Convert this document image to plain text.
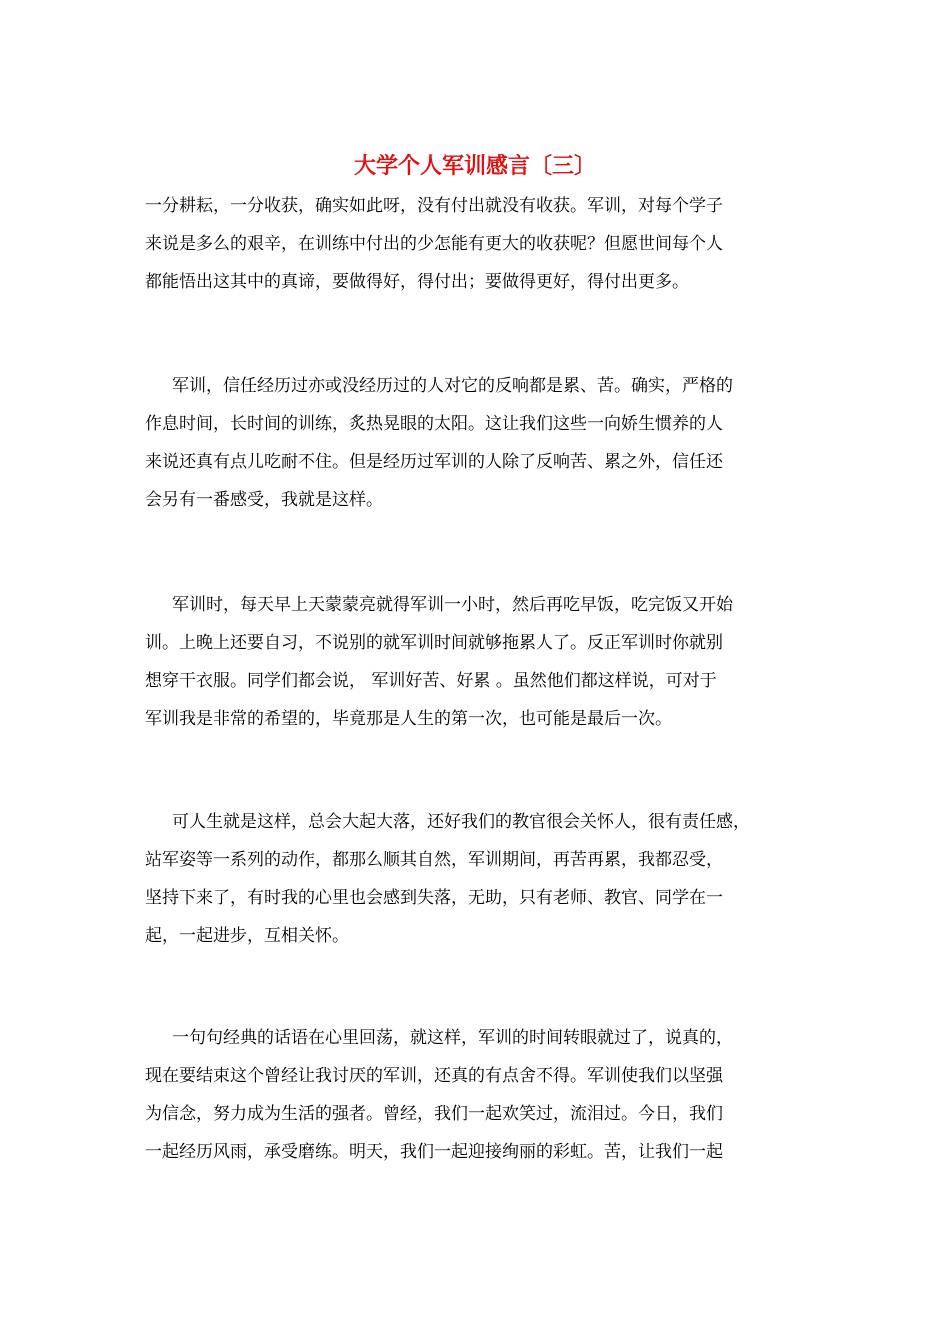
大学个人军训感言〔三〕

一分耕耘，一分收获，确实如此呀，没有付出就没有收获。军训，对每个学子

来说是多么的艰辛，在训练中付出的少怎能有更大的收获呢？但愿世间每个人

都能悟出这其中的真谛，要做得好，得付出；要做得更好，得付出更多。

军训，信任经历过亦或没经历过的人对它的反响都是累、苦。确实，严格的

作息时间，长时间的训练，炙热晃眼的太阳。这让我们这些一向娇生惯养的人

来说还真有点儿吃耐不住。但是经历过军训的人除了反响苦、累之外，信任还

会另有一番感受，我就是这样。

军训时，每天早上天蒙蒙亮就得军训一小时，然后再吃早饭，吃完饭又开始

训。上晚上还要自习，不说别的就军训时间就够拖累人了。反正军训时你就别

想穿干衣服。同学们都会说， 军训好苦、好累 。虽然他们都这样说，可对于

军训我是非常的希望的，毕竟那是人生的第一次，也可能是最后一次。

可人生就是这样，总会大起大落，还好我们的教官很会关怀人，很有责任感，

站军姿等一系列的动作，都那么顺其自然，军训期间，再苦再累，我都忍受，

坚持下来了，有时我的心里也会感到失落，无助，只有老师、教官、同学在一

起，一起进步，互相关怀。

一句句经典的话语在心里回荡，就这样，军训的时间转眼就过了，说真的，

现在要结束这个曾经让我讨厌的军训，还真的有点舍不得。军训使我们以坚强

为信念，努力成为生活的强者。曾经，我们一起欢笑过，流泪过。今日，我们

一起经历风雨，承受磨练。明天，我们一起迎接绚丽的彩虹。苦，让我们一起
